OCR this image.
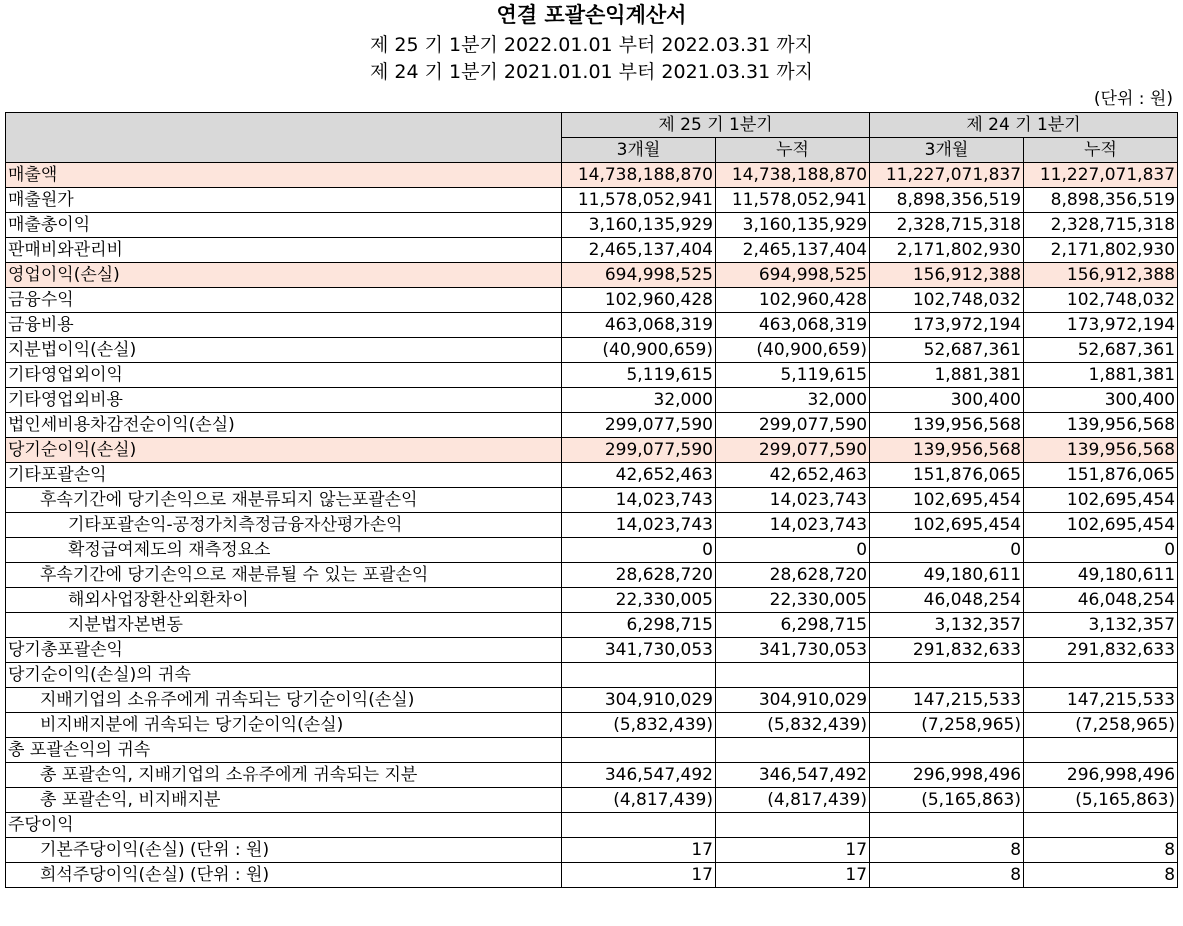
연결 포괄손익계산서
제 25 기 1분기 2022.01.01 부터 2022.03.31 까지
제 24 기 1분기 2021.01.01 부터 2021.03.31 까지
(단위 : 원)
	제 25 기 1분기		제 24 기 1분기	
	3개월	누적	3개월	누적
매출액	14,738,188,870	14,738,188,870	11,227,071,837	11,227,071,837
매출원가	11,578,052,941	11,578,052,941	8,898,356,519	8,898,356,519
매출총이익	3,160,135,929	3,160,135,929	2,328,715,318	2,328,715,318
판매비와관리비	2,465,137,404	2,465,137,404	2,171,802,930	2,171,802,930
영업이익(손실)	694,998,525	694,998,525	156,912,388	156,912,388
금융수익	102,960,428	102,960,428	102,748,032	102,748,032
금융비용	463,068,319	463,068,319	173,972,194	173,972,194
지분법이익(손실)	(40,900,659)	(40,900,659)	52,687,361	52,687,361
기타영업외이익	5,119,615	5,119,615	1,881,381	1,881,381
기타영업외비용	32,000	32,000	300,400	300,400
법인세비용차감전순이익(손실)	299,077,590	299,077,590	139,956,568	139,956,568
당기순이익(손실)	299,077,590	299,077,590	139,956,568	139,956,568
기타포괄손익	42,652,463	42,652,463	151,876,065	151,876,065
후속기간에 당기손익으로 재분류되지 않는포괄손익	14,023,743	14,023,743	102,695,454	102,695,454
기타포괄손익-공정가치측정금융자산평가손익	14,023,743	14,023,743	102,695,454	102,695,454
확정급여제도의 재측정요소	0	0	0	0
후속기간에 당기손익으로 재분류될 수 있는 포괄손익	28,628,720	28,628,720	49,180,611	49,180,611
해외사업장환산외환차이	22,330,005	22,330,005	46,048,254	46,048,254
지분법자본변동	6,298,715	6,298,715	3,132,357	3,132,357
당기총포괄손익	341,730,053	341,730,053	291,832,633	291,832,633
당기순이익(손실)의 귀속				
지배기업의 소유주에게 귀속되는 당기순이익(손실)	304,910,029	304,910,029	147,215,533	147,215,533
비지배지분에 귀속되는 당기순이익(손실)	(5,832,439)	(5,832,439)	(7,258,965)	(7,258,965)
총 포괄손익의 귀속				
총 포괄손익, 지배기업의 소유주에게 귀속되는 지분	346,547,492	346,547,492	296,998,496	296,998,496
총 포괄손익, 비지배지분	(4,817,439)	(4,817,439)	(5,165,863)	(5,165,863)
주당이익				
기본주당이익(손실) (단위 : 원)	17	17	8	8
희석주당이익(손실) (단위 : 원)	17	17	8	8
